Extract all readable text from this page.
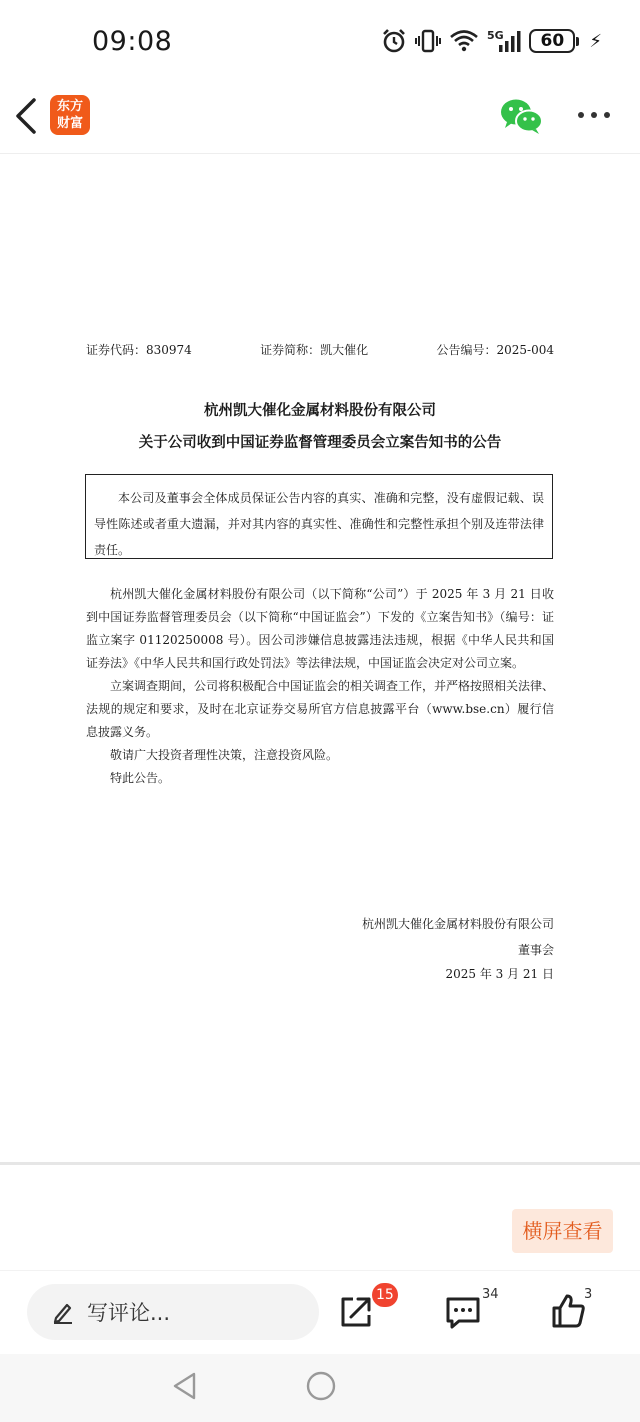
09:08	5G	60	⚡
东方
财富
证券代码：830974	证券简称：凯大催化	公告编号：2025-004
杭州凯大催化金属材料股份有限公司
关于公司收到中国证券监督管理委员会立案告知书的公告
本公司及董事会全体成员保证公告内容的真实、准确和完整，没有虚假记载、误导性陈述或者重大遗漏，并对其内容的真实性、准确性和完整性承担个别及连带法律责任。

杭州凯大催化金属材料股份有限公司（以下简称“公司”）于 2025 年 3 月 21 日收到中国证券监督管理委员会（以下简称“中国证监会”）下发的《立案告知书》（编号：证监立案字 01120250008 号）。因公司涉嫌信息披露违法违规，根据《中华人民共和国证券法》《中华人民共和国行政处罚法》等法律法规，中国证监会决定对公司立案。

立案调查期间，公司将积极配合中国证监会的相关调查工作，并严格按照相关法律、法规的规定和要求，及时在北京证券交易所官方信息披露平台（www.bse.cn）履行信息披露义务。

敬请广大投资者理性决策，注意投资风险。

特此公告。

杭州凯大催化金属材料股份有限公司
董事会
2025 年 3 月 21 日
横屏查看
写评论...
15	34	3
